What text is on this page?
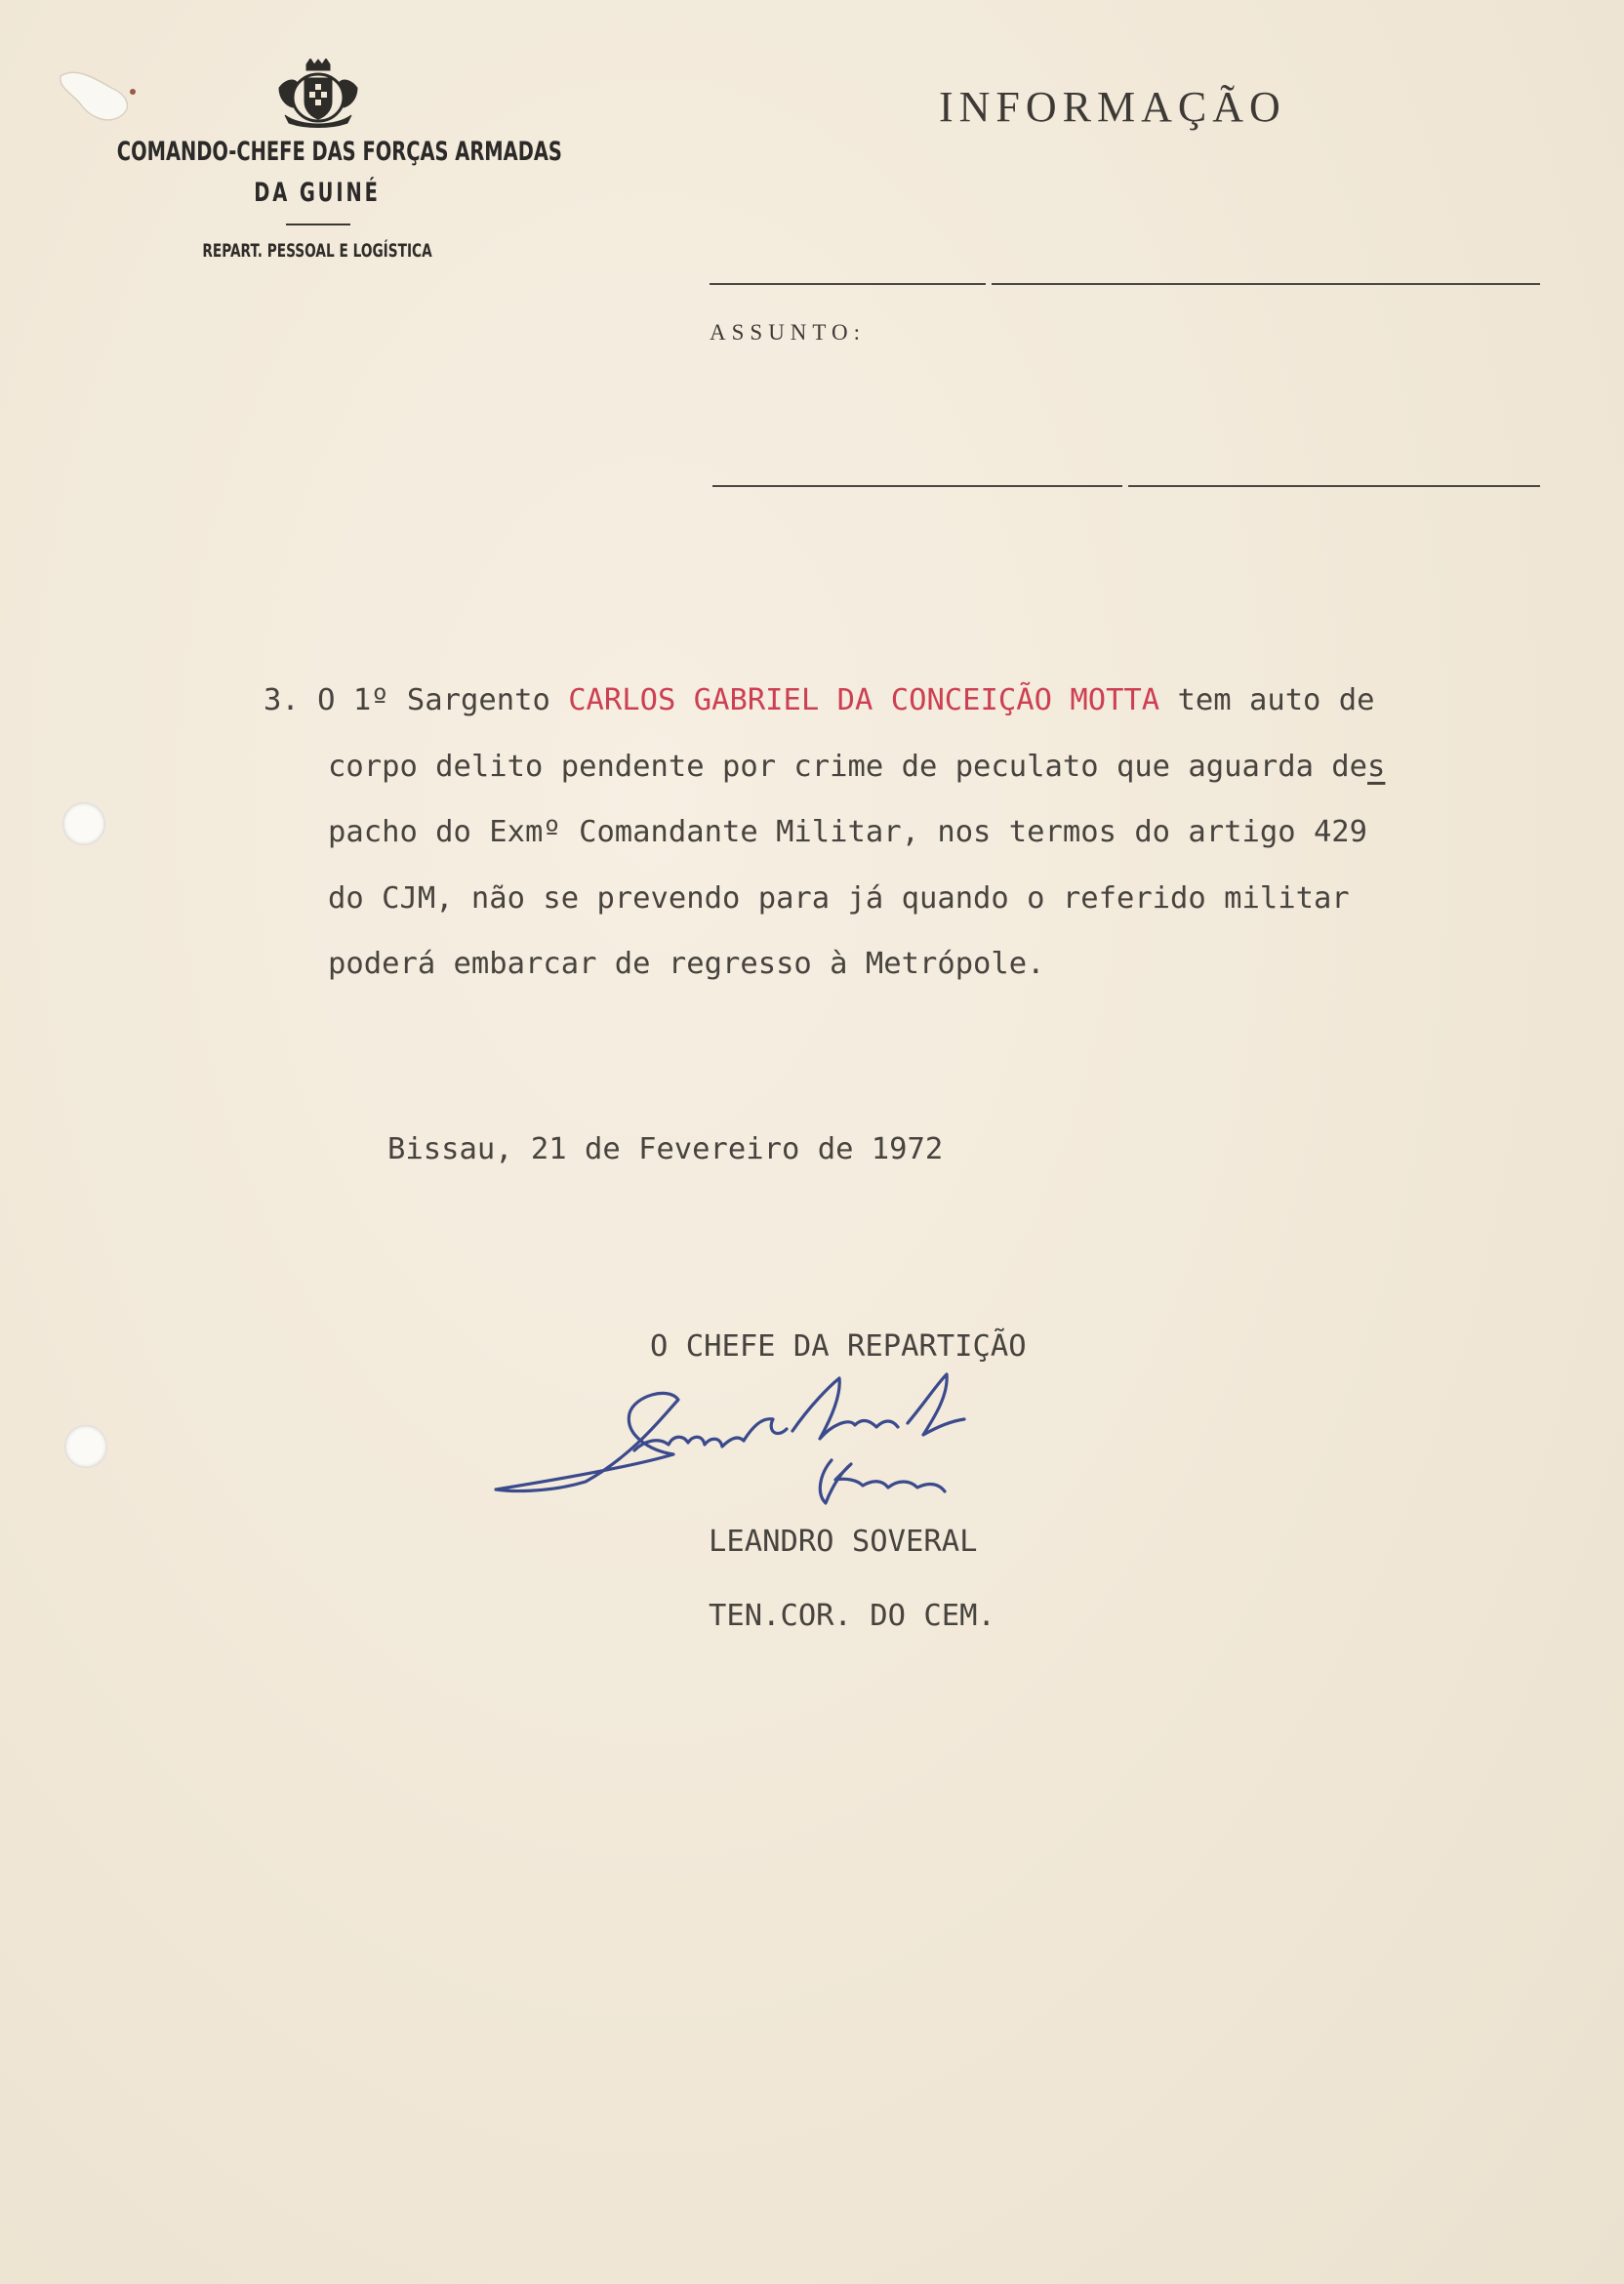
COMANDO-CHEFE DAS FORÇAS ARMADAS
DA GUINÉ
REPART. PESSOAL E LOGÍSTICA
INFORMAÇÃO
ASSUNTO:
3. O 1º Sargento CARLOS GABRIEL DA CONCEIÇÃO MOTTA tem auto de
corpo delito pendente por crime de peculato que aguarda des
pacho do Exmº Comandante Militar, nos termos do artigo 429
do CJM, não se prevendo para já quando o referido militar
poderá embarcar de regresso à Metrópole.
Bissau, 21 de Fevereiro de 1972
O CHEFE DA REPARTIÇÃO
LEANDRO SOVERAL
TEN.COR. DO CEM.
